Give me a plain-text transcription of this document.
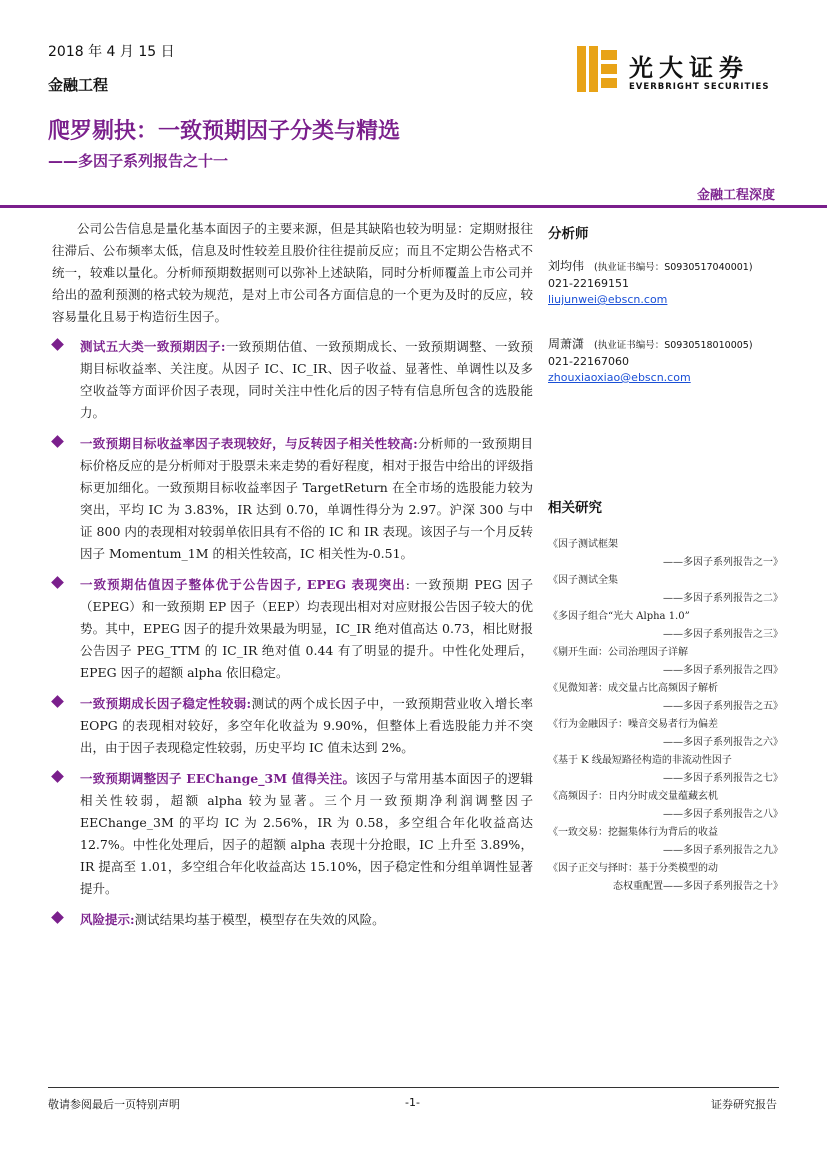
2018 年 4 月 15 日
金融工程
光大证券
EVERBRIGHT SECURITIES
爬罗剔抉：一致预期因子分类与精选
——多因子系列报告之十一
金融工程深度

公司公告信息是量化基本面因子的主要来源，但是其缺陷也较为明显：定期财报往往滞后、公布频率太低，信息及时性较差且股价往往提前反应；而且不定期公告格式不统一，较难以量化。分析师预期数据则可以弥补上述缺陷，同时分析师覆盖上市公司并给出的盈利预测的格式较为规范，是对上市公司各方面信息的一个更为及时的反应，较容易量化且易于构造衍生因子。

测试五大类一致预期因子:一致预期估值、一致预期成长、一致预期调整、一致预期目标收益率、关注度。从因子 IC、IC_IR、因子收益、显著性、单调性以及多空收益等方面评价因子表现，同时关注中性化后的因子特有信息所包含的选股能力。
一致预期目标收益率因子表现较好，与反转因子相关性较高:分析师的一致预期目标价格反应的是分析师对于股票未来走势的看好程度，相对于报告中给出的评级指标更加细化。一致预期目标收益率因子 TargetReturn 在全市场的选股能力较为突出，平均 IC 为 3.83%，IR 达到 0.70，单调性得分为 2.97。沪深 300 与中证 800 内的表现相对较弱单依旧具有不俗的 IC 和 IR 表现。该因子与一个月反转因子 Momentum_1M 的相关性较高，IC 相关性为-0.51。
一致预期估值因子整体优于公告因子, EPEG 表现突出: 一致预期 PEG 因子（EPEG）和一致预期 EP 因子（EEP）均表现出相对对应财报公告因子较大的优势。其中，EPEG 因子的提升效果最为明显，IC_IR 绝对值高达 0.73，相比财报公告因子 PEG_TTM 的 IC_IR 绝对值 0.44 有了明显的提升。中性化处理后，EPEG 因子的超额 alpha 依旧稳定。
一致预期成长因子稳定性较弱:测试的两个成长因子中，一致预期营业收入增长率 EOPG 的表现相对较好，多空年化收益为 9.90%，但整体上看选股能力并不突出，由于因子表现稳定性较弱，历史平均 IC 值未达到 2%。
一致预期调整因子 EEChange_3M 值得关注。该因子与常用基本面因子的逻辑相关性较弱，超额 alpha 较为显著。三个月一致预期净利润调整因子 EEChange_3M 的平均 IC 为 2.56%，IR 为 0.58，多空组合年化收益高达 12.7%。中性化处理后，因子的超额 alpha 表现十分抢眼，IC 上升至 3.89%，IR 提高至 1.01，多空组合年化收益高达 15.10%，因子稳定性和分组单调性显著提升。
风险提示:测试结果均基于模型，模型存在失效的风险。
分析师
刘均伟 (执业证书编号：S0930517040001)
021-22169151
liujunwei@ebscn.com
周萧潇 (执业证书编号：S0930518010005)
021-22167060
zhouxiaoxiao@ebscn.com
相关研究
《因子测试框架
——多因子系列报告之一》
《因子测试全集
——多因子系列报告之二》
《多因子组合“光大 Alpha 1.0”
——多因子系列报告之三》
《剔开生面：公司治理因子详解
——多因子系列报告之四》
《见微知著：成交量占比高频因子解析
——多因子系列报告之五》
《行为金融因子：噪音交易者行为偏差
——多因子系列报告之六》
《基于 K 线最短路径构造的非流动性因子
——多因子系列报告之七》
《高频因子：日内分时成交量蕴藏玄机
——多因子系列报告之八》
《一致交易：挖掘集体行为背后的收益
——多因子系列报告之九》
《因子正交与择时：基于分类模型的动
态权重配置——多因子系列报告之十》
敬请参阅最后一页特别声明	-1-	证券研究报告
